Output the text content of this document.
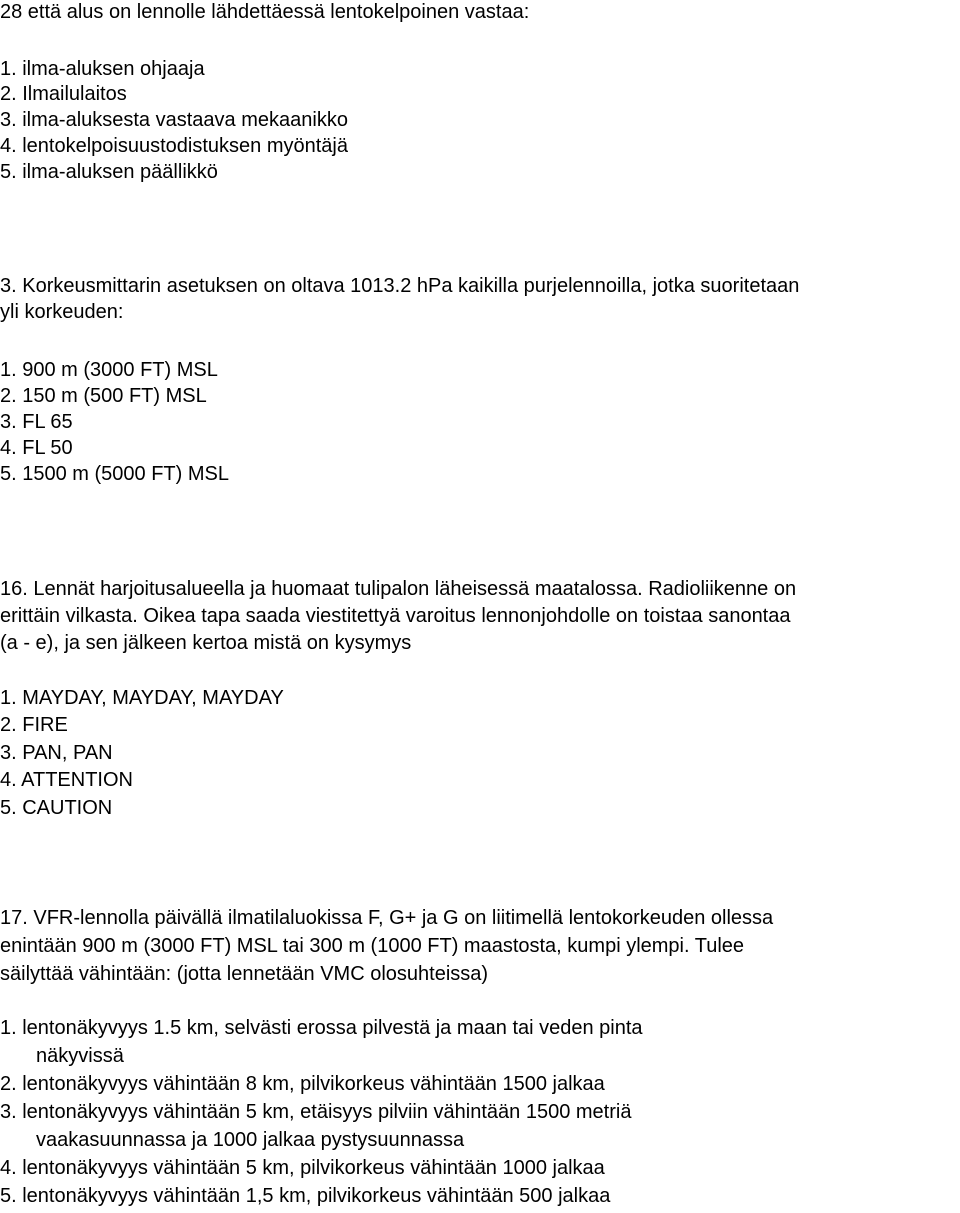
28 että alus on lennolle lähdettäessä lentokelpoinen vastaa:
1. ilma-aluksen ohjaaja
2. Ilmailulaitos
3. ilma-aluksesta vastaava mekaanikko
4. lentokelpoisuustodistuksen myöntäjä
5. ilma-aluksen päällikkö
3. Korkeusmittarin asetuksen on oltava 1013.2 hPa kaikilla purjelennoilla, jotka suoritetaan
yli korkeuden:
1. 900 m (3000 FT) MSL
2. 150 m (500 FT) MSL
3. FL 65
4. FL 50
5. 1500 m (5000 FT) MSL
16. Lennät harjoitusalueella ja huomaat tulipalon läheisessä maatalossa. Radioliikenne on
erittäin vilkasta. Oikea tapa saada viestitettyä varoitus lennonjohdolle on toistaa sanontaa
(a - e), ja sen jälkeen kertoa mistä on kysymys
1. MAYDAY, MAYDAY, MAYDAY
2. FIRE
3. PAN, PAN
4. ATTENTION
5. CAUTION
17. VFR-lennolla päivällä ilmatilaluokissa F, G+ ja G on liitimellä lentokorkeuden ollessa
enintään 900 m (3000 FT) MSL tai 300 m (1000 FT) maastosta, kumpi ylempi. Tulee
säilyttää vähintään: (jotta lennetään VMC olosuhteissa)
1. lentonäkyvyys 1.5 km, selvästi erossa pilvestä ja maan tai veden pinta
näkyvissä
2. lentonäkyvyys vähintään 8 km, pilvikorkeus vähintään 1500 jalkaa
3. lentonäkyvyys vähintään 5 km, etäisyys pilviin vähintään 1500 metriä
vaakasuunnassa ja 1000 jalkaa pystysuunnassa
4. lentonäkyvyys vähintään 5 km, pilvikorkeus vähintään 1000 jalkaa
5. lentonäkyvyys vähintään 1,5 km, pilvikorkeus vähintään 500 jalkaa
